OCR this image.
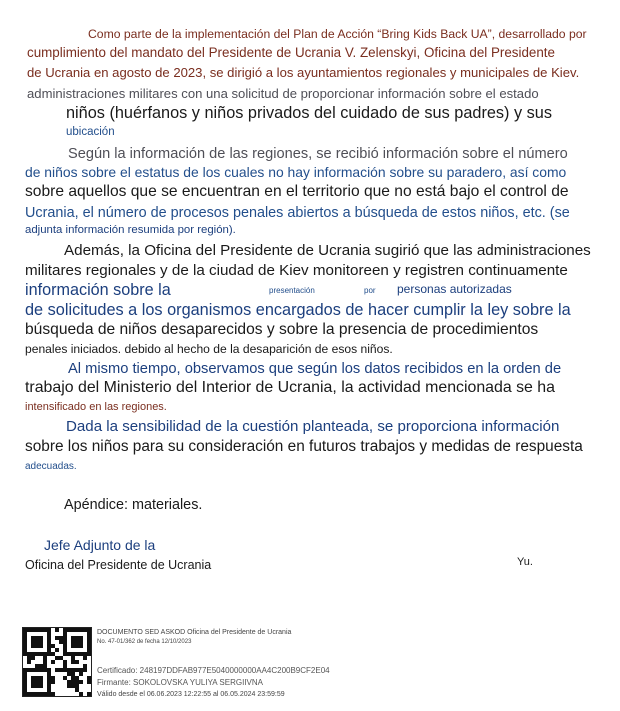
Como parte de la implementación del Plan de Acción “Bring Kids Back UA”, desarrollado por
cumplimiento del mandato del Presidente de Ucrania V. Zelenskyi, Oficina del Presidente
de Ucrania en agosto de 2023, se dirigió a los ayuntamientos regionales y municipales de Kiev.
administraciones militares con una solicitud de proporcionar información sobre el estado
niños (huérfanos y niños privados del cuidado de sus padres) y sus
ubicación
Según la información de las regiones, se recibió información sobre el número
de niños sobre el estatus de los cuales no hay información sobre su paradero, así como
sobre aquellos que se encuentran en el territorio que no está bajo el control de
Ucrania, el número de procesos penales abiertos a búsqueda de estos niños, etc. (se
adjunta información resumida por región).
Además, la Oficina del Presidente de Ucrania sugirió que las administraciones
militares regionales y de la ciudad de Kiev monitoreen y registren continuamente
información sobre la	presentación	por personas autorizadas
de solicitudes a los organismos encargados de hacer cumplir la ley sobre la
búsqueda de niños desaparecidos y sobre la presencia de procedimientos
penales iniciados. debido al hecho de la desaparición de esos niños.
Al mismo tiempo, observamos que según los datos recibidos en la orden de
trabajo del Ministerio del Interior de Ucrania, la actividad mencionada se ha
intensificado en las regiones.
Dada la sensibilidad de la cuestión planteada, se proporciona información
sobre los niños para su consideración en futuros trabajos y medidas de respuesta
adecuadas.
Apéndice: materiales.
Jefe Adjunto de la
Oficina del Presidente de Ucrania	Yu.
DOCUMENTO SED ASKOD Oficina del Presidente de Ucrania
No. 47-01/362 de fecha 12/10/2023
Certificado: 248197DDFAB977E5040000000AA4C200B9CF2E04
Firmante: SOKOLOVSKA YULIYA SERGIIVNA
Válido desde el 06.06.2023 12:22:55 al 06.05.2024 23:59:59
